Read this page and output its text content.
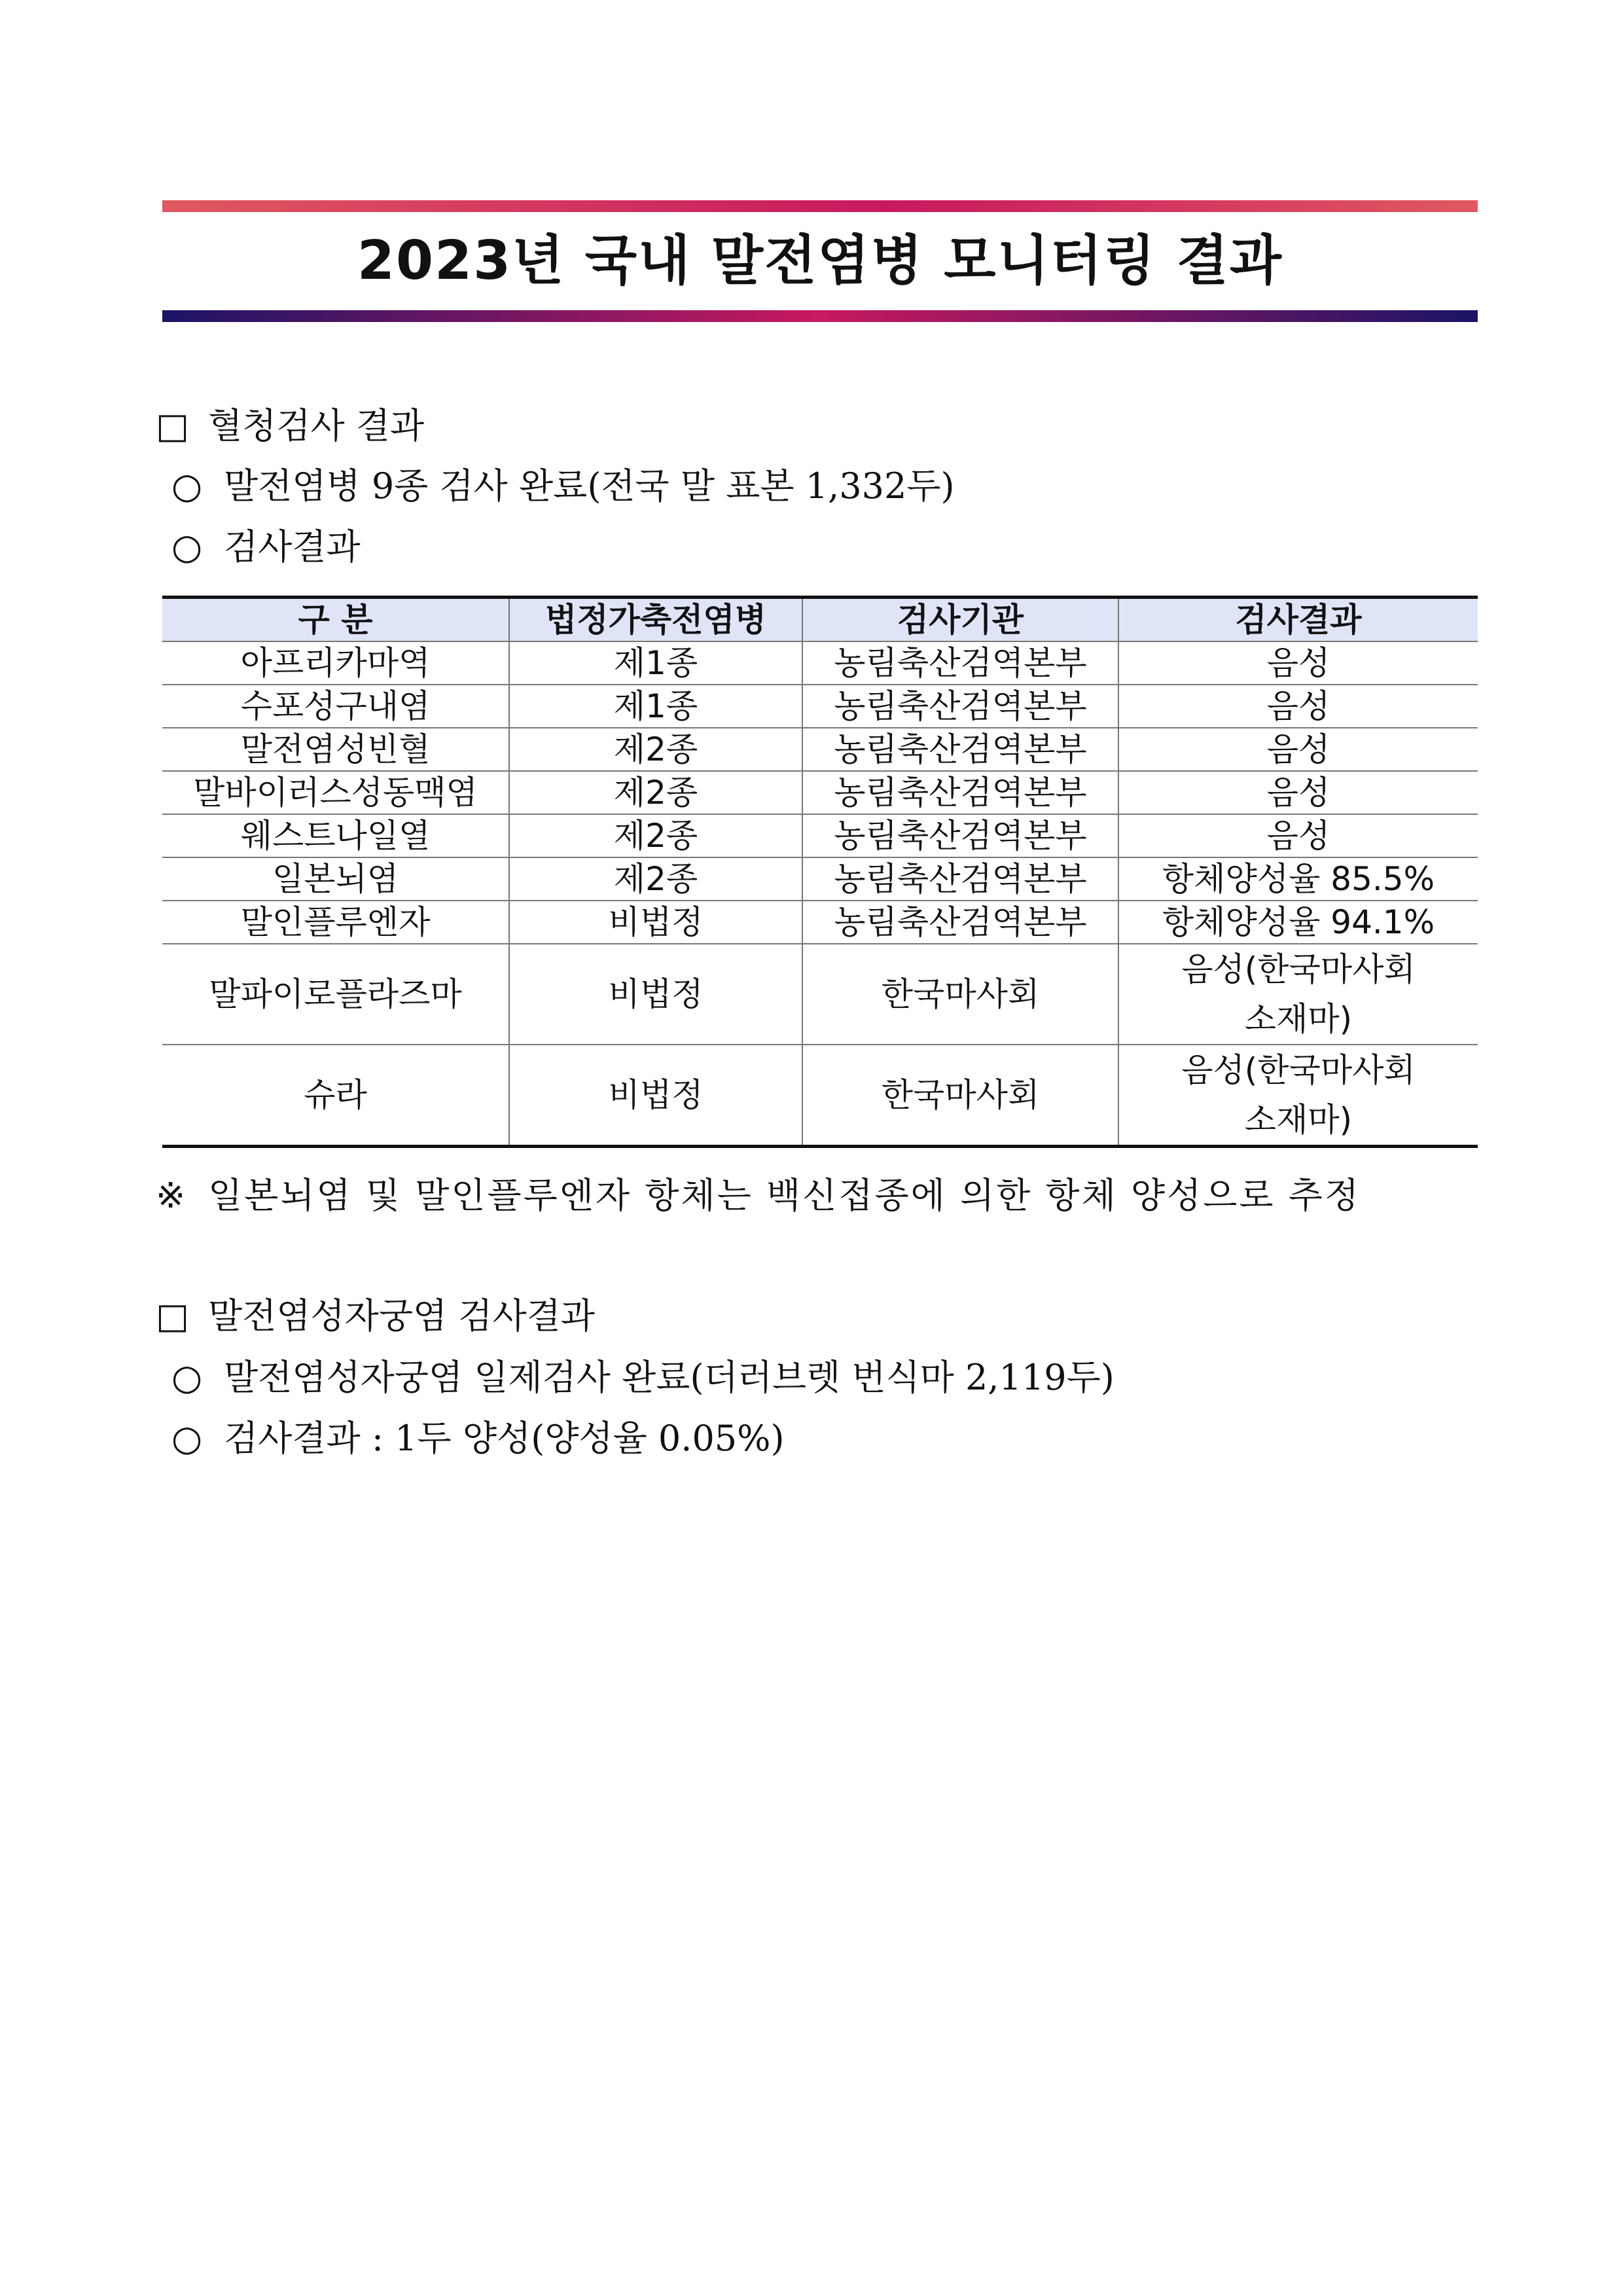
2023년 국내 말전염병 모니터링 결과
□ 혈청검사 결과
○ 말전염병 9종 검사 완료(전국 말 표본 1,332두)
○ 검사결과
구 분	법정가축전염병	검사기관	검사결과
아프리카마역	제1종	농림축산검역본부	음성
수포성구내염	제1종	농림축산검역본부	음성
말전염성빈혈	제2종	농림축산검역본부	음성
말바이러스성동맥염	제2종	농림축산검역본부	음성
웨스트나일열	제2종	농림축산검역본부	음성
일본뇌염	제2종	농림축산검역본부	항체양성율 85.5%
말인플루엔자	비법정	농림축산검역본부	항체양성율 94.1%
말파이로플라즈마	비법정	한국마사회	음성(한국마사회
소재마)

슈라	비법정	한국마사회	음성(한국마사회
소재마)
※ 일본뇌염 및 말인플루엔자 항체는 백신접종에 의한 항체 양성으로 추정
□ 말전염성자궁염 검사결과
○ 말전염성자궁염 일제검사 완료(더러브렛 번식마 2,119두)
○ 검사결과 : 1두 양성(양성율 0.05%)
